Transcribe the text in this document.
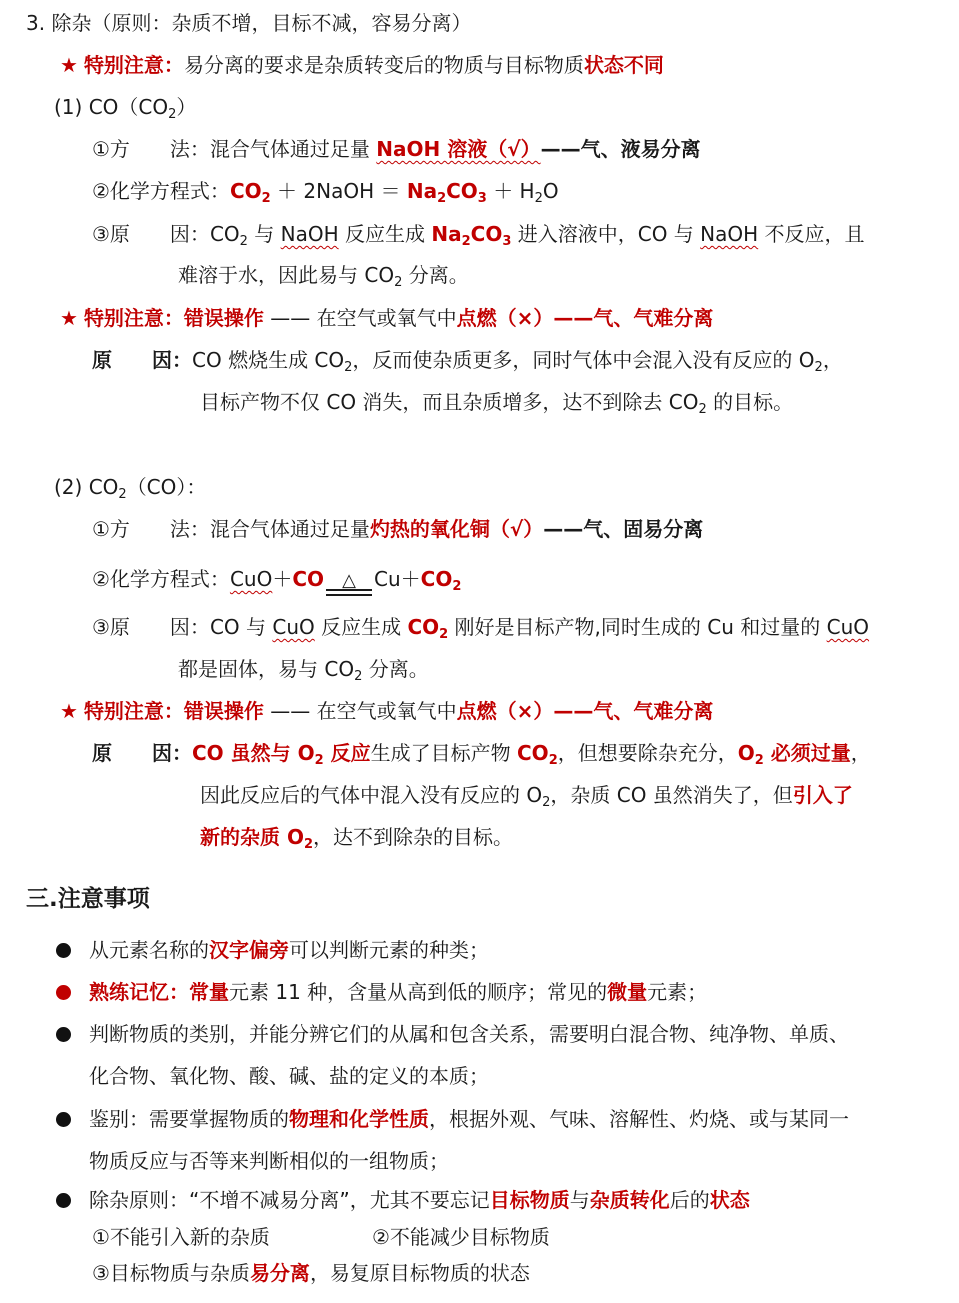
3. 除杂（原则：杂质不增，目标不减，容易分离）
★ 特别注意：易分离的要求是杂质转变后的物质与目标物质状态不同
(1) $CO(CO_2)$
①方　　法：混合气体通过足量 NaOH 溶液（√）——气、液易分离
②化学方程式：$CO_2$ ＋ 2NaOH ＝ $Na_2CO_3 + H_2O$
③原　　因：$CO_2$ 与 NaOH 反应生成 $Na_2CO_3$ 进入溶液中，CO 与 NaOH 不反应，且
难溶于水，因此易与 $CO_2$ 分离。
★ 特别注意：错误操作 —— 在空气或氧气中点燃（×）——气、气难分离
原　　因：CO 燃烧生成 $CO_2$，反而使杂质更多，同时气体中会混入没有反应的 $O_2$，
目标产物不仅 CO 消失，而且杂质增多，达不到除去 $CO_2$ 的目标。
(2) $CO_2(CO)$：
①方　　法：混合气体通过足量灼热的氧化铜（√）——气、固易分离
②化学方程式：CuO＋CO	△ $Cu+CO_2$
③原　　因：CO 与 CuO 反应生成 $CO_2$ 刚好是目标产物,同时生成的 Cu 和过量的 CuO
都是固体，易与 $CO_2$ 分离。
★ 特别注意：错误操作 —— 在空气或氧气中点燃（×）——气、气难分离
原　　因：CO 虽然与 $O_2$ 反应生成了目标产物 $CO_2$，但想要除杂充分，$O_2$ 必须过量，
因此反应后的气体中混入没有反应的 $O_2$，杂质 CO 虽然消失了，但引入了
新的杂质 $O_2$，达不到除杂的目标。
三.注意事项
从元素名称的汉字偏旁可以判断元素的种类；
熟练记忆：常量元素 11 种，含量从高到低的顺序；常见的微量元素；
判断物质的类别，并能分辨它们的从属和包含关系，需要明白混合物、纯净物、单质、
化合物、氧化物、酸、碱、盐的定义的本质；
鉴别：需要掌握物质的物理和化学性质，根据外观、气味、溶解性、灼烧、或与某同一
物质反应与否等来判断相似的一组物质；
除杂原则：“不增不减易分离”，尤其不要忘记目标物质与杂质转化后的状态
①不能引入新的杂质	②不能减少目标物质
③目标物质与杂质易分离，易复原目标物质的状态
